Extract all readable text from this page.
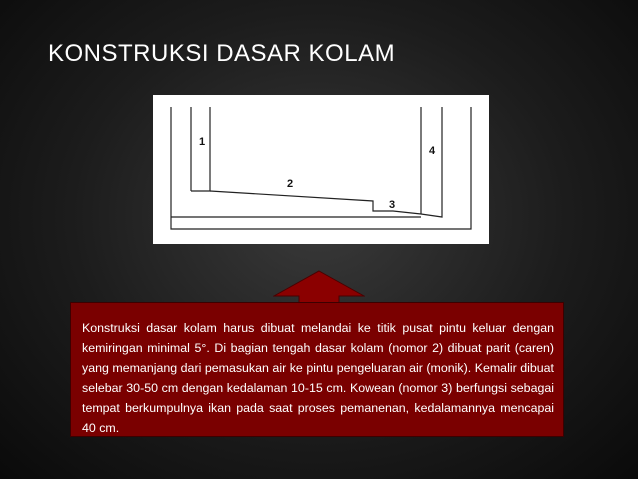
KONSTRUKSI DASAR KOLAM
1
2
3
4
Konstruksi dasar kolam harus dibuat melandai ke titik pusat pintu keluar dengan kemiringan minimal 5°. Di bagian tengah dasar kolam (nomor 2) dibuat parit (caren) yang memanjang dari pemasukan air ke pintu pengeluaran air (monik). Kemalir dibuat selebar 30-50 cm dengan kedalaman 10-15 cm. Kowean (nomor 3) berfungsi sebagai tempat berkumpulnya ikan pada saat proses pemanenan, kedalamannya mencapai 40 cm.
